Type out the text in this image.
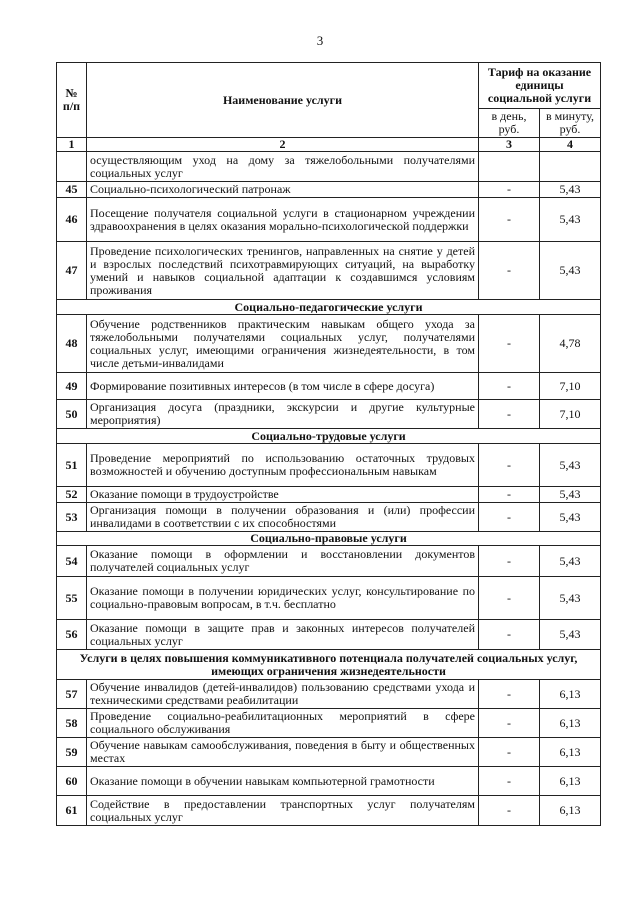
3
№ п/п	Наименование услуги	Тариф на оказание единицы социальной услуги	
		в день, руб.	в минуту, руб.
1	2	3	4
	осуществляющим уход на дому за тяжелобольными получателями социальных услуг		
45	Социально-психологический патронаж	-	5,43
46	Посещение получателя социальной услуги в стационарном учреждении здравоохранения в целях оказания морально-психологической поддержки	-	5,43
47	Проведение психологических тренингов, направленных на снятие у детей и взрослых последствий психотравмирующих ситуаций, на выработку умений и навыков социальной адаптации к создавшимся условиям проживания	-	5,43
Социально-педагогические услуги			
48	Обучение родственников практическим навыкам общего ухода за тяжелобольными получателями социальных услуг, получателями социальных услуг, имеющими ограничения жизнедеятельности, в том числе детьми-инвалидами	-	4,78
49	Формирование позитивных интересов (в том числе в сфере досуга)	-	7,10
50	Организация досуга (праздники, экскурсии и другие культурные мероприятия)	-	7,10
Социально-трудовые услуги			
51	Проведение мероприятий по использованию остаточных трудовых возможностей и обучению доступным профессиональным навыкам	-	5,43
52	Оказание помощи в трудоустройстве	-	5,43
53	Организация помощи в получении образования и (или) профессии инвалидами в соответствии с их способностями	-	5,43
Социально-правовые услуги			
54	Оказание помощи в оформлении и восстановлении документов получателей социальных услуг	-	5,43
55	Оказание помощи в получении юридических услуг, консультирование по социально-правовым вопросам, в т.ч. бесплатно	-	5,43
56	Оказание помощи в защите прав и законных интересов получателей социальных услуг	-	5,43
Услуги в целях повышения коммуникативного потенциала получателей социальных услуг, имеющих ограничения жизнедеятельности			
57	Обучение инвалидов (детей-инвалидов) пользованию средствами ухода и техническими средствами реабилитации	-	6,13
58	Проведение социально-реабилитационных мероприятий в сфере социального обслуживания	-	6,13
59	Обучение навыкам самообслуживания, поведения в быту и общественных местах	-	6,13
60	Оказание помощи в обучении навыкам компьютерной грамотности	-	6,13
61	Содействие в предоставлении транспортных услуг получателям социальных услуг	-	6,13
